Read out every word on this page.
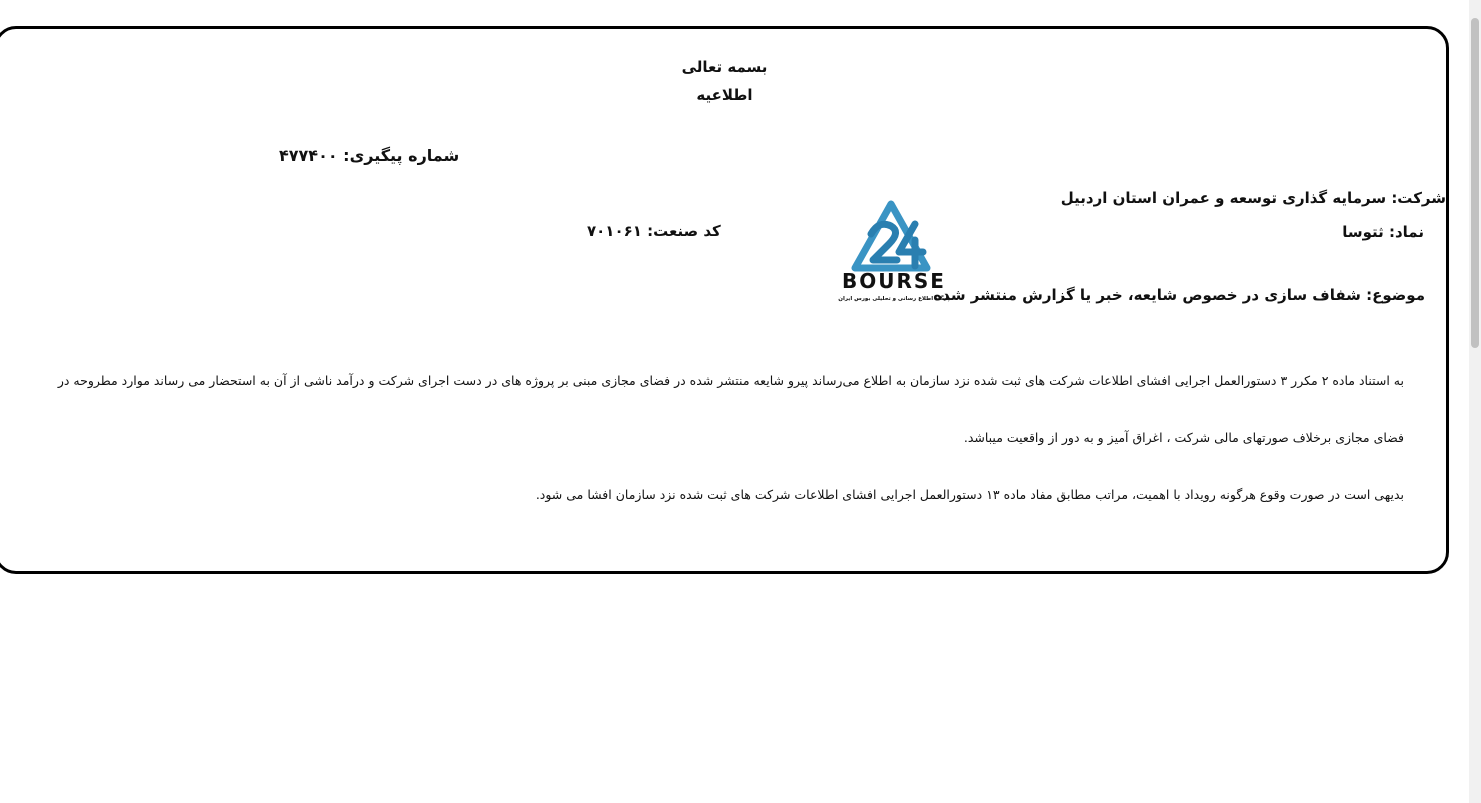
بسمه تعالی
اطلاعیه
شماره پیگیری: ۴۷۷۴۰۰
شرکت: سرمایه گذاری توسعه و عمران استان اردبیل
نماد: ثتوسا
کد صنعت: ۷۰۱۰۶۱
موضوع: شفاف سازی در خصوص شایعه، خبر یا گزارش منتشر شده
BOURSE
پایگاه اطلاع رسانی و تحلیلی بورس ایران
به استناد ماده ۲ مکرر ۳ دستورالعمل اجرایی افشای اطلاعات شرکت های ثبت شده نزد سازمان به اطلاع می‌رساند پیرو شایعه منتشر شده در فضای مجازی مبنی بر پروژه های در دست اجرای شرکت و درآمد ناشی از آن به استحضار می رساند موارد مطروحه در
فضای مجازی برخلاف صورتهای مالی شرکت ، اغراق آمیز و به دور از واقعیت میباشد.
بدیهی است در صورت وقوع هرگونه رویداد با اهمیت، مراتب مطابق مفاد ماده ۱۳ دستورالعمل اجرایی افشای اطلاعات شرکت های ثبت شده نزد سازمان افشا می شود.
